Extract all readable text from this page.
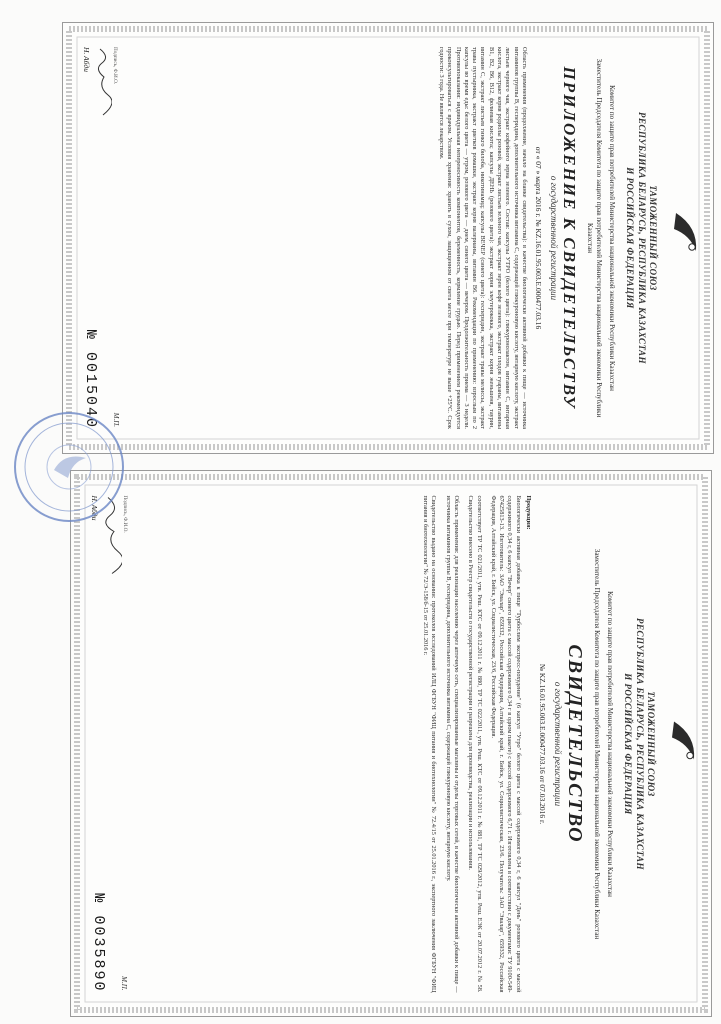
ТАМОЖЕННЫЙ СОЮЗ
РЕСПУБЛИКА БЕЛАРУСЬ, РЕСПУБЛИКА КАЗАХСТАН
И РОССИЙСКАЯ ФЕДЕРАЦИЯ
Комитет по защите прав потребителей Министерства национальной экономики Республики Казахстан
Заместитель Председателя Комитета по защите прав потребителей Министерства национальной экономики Республики Казахстан
ПРИЛОЖЕНИЕ К СВИДЕТЕЛЬСТВУ
о государственной регистрации
от « 07 » марта 2016 г. № KZ.16.01.95.003.Е.000477.03.16
Область применения (продолжение, начало на бланке свидетельства): в качестве биологически активной добавки к пище — источника витаминов группы В, гесперидина, дополнительного источника витамина С, содержащей глюкуроновую кислоту, янтарную кислоту, экстракт листьев черного чая, экстракт кофейного зерна зеленого. Состав: капсулы УТРО (белого цвета): глюкуронолактон, витамин С, янтарная кислота, экстракт корня родиолы розовой, экстракт листьев зеленого чая, экстракт зерен кофе зеленого, экстракт плодов гуараны, витамины В1, В2, В6, В12, фолиевая кислота; капсулы ДЕНЬ (розового цвета): экстракт корня элеутерококка, экстракт корня женьшеня, таурин, витамин С, экстракт листьев гинкго билоба, никотинамид; капсулы ВЕЧЕР (синего цвета): гесперидин, экстракт травы мелиссы, экстракт травы пустырника, экстракт цветков ромашки, экстракт корня валерианы, витамин В6. Рекомендации по применению: взрослым по 2 капсулы во время еды: белого цвета — утром, розового цвета — днем, синего цвета — вечером. Продолжительность приема — 3 недели. Противопоказания: индивидуальная непереносимость компонентов, беременность, кормление грудью. Перед применением рекомендуется проконсультироваться с врачом. Условия хранения: хранить в сухом, защищенном от света месте при температуре не выше +25°С. Срок годности: 3 года. Не является лекарством.
М.П.
Подпись, Ф.И.О.
Н. Абди
№ 0015040
ТАМОЖЕННЫЙ СОЮЗ
РЕСПУБЛИКА БЕЛАРУСЬ, РЕСПУБЛИКА КАЗАХСТАН
И РОССИЙСКАЯ ФЕДЕРАЦИЯ
Комитет по защите прав потребителей Министерства национальной экономики Республики Казахстан
Заместитель Председателя Комитета по защите прав потребителей Министерства национальной экономики Республики Казахстан
СВИДЕТЕЛЬСТВО
о государственной регистрации
№ KZ.16.01.95.003.Е.000477.03.16 от 07.03.2016 г.
Продукция:
Биологически активная добавка к пище "Турбослим экспресс-похудение" (6 капсул "Утро" белого цвета с массой содержимого 0,34 г, 6 капсул "День" розового цвета с массой содержимого 0,34 г, 6 капсул "Вечер" синего цвета с массой содержимого 0,34 г в одном пакете) с массой содержимого 6,71 г. Изготовлена в соответствии с документами: ТУ 9100-549-67425813-13. Изготовитель: ЗАО "Эвалар", 659332, Российская Федерация, Алтайский край, г. Бийск, ул. Социалистическая, 23/6. Получатель: ЗАО "Эвалар", 659332, Российская Федерация, Алтайский край, г. Бийск, ул. Социалистическая, 23/6, Российская Федерация.
соответствует ТР ТС 021/2011, утв. Реш. КТС от 09.12.2011 г. № 880, ТР ТС 022/2011, утв. Реш. КТС от 09.12.2011 г. № 881, ТР ТС 029/2012, утв. Реш. ЕЭК от 20.07.2012 г. № 58. Свидетельство внесено в Реестр свидетельств о государственной регистрации и разрешена для производства, реализации и использования.
Область применения: для реализации населению через аптечную сеть, специализированные магазины и отделы торговых сетей, в качестве биологически активной добавки к пище — источника витаминов группы В, гесперидина, дополнительного источника витамина С, содержащей глюкуроновую кислоту, янтарную кислоту.
Свидетельство выдано на основании: протоколов исследований ИЛЦ ФГБУН "ФИЦ питания и биотехнологии" № 72.4/15 от 25.01.2016 г., экспертного заключения ФГБУН "ФИЦ питания и биотехнологии" № 72/Э-158/б-15 от 25.01.2016 г.
М.П.
Подпись, Ф.И.О.
Н. Абди
№ 0035890
